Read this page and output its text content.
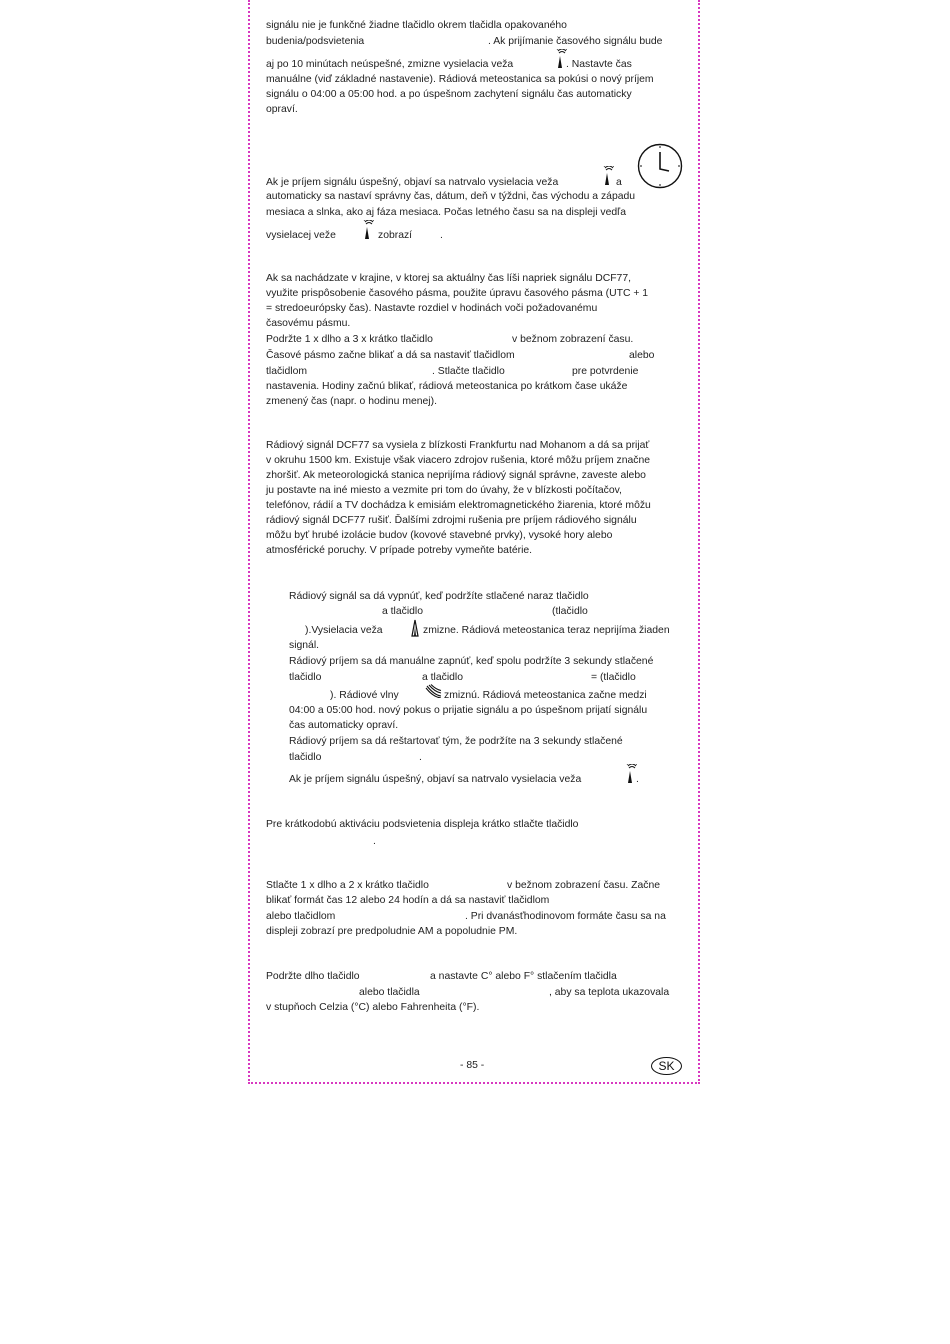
signálu nie je funkčné žiadne tlačidlo okrem tlačidla opakovaného
budenia/podsvietenia	. Ak prijímanie časového signálu bude
aj po 10 minútach neúspešné, zmizne vysielacia veža	. Nastavte čas
manuálne (viď základné nastavenie). Rádiová meteostanica sa pokúsi o nový príjem
signálu o 04:00 a 05:00 hod. a po úspešnom zachytení signálu čas automaticky
opraví.
Ak je príjem signálu úspešný, objaví sa natrvalo vysielacia veža	a
automaticky sa nastaví správny čas, dátum, deň v týždni, čas východu a západu
mesiaca a slnka, ako aj fáza mesiaca. Počas letného času sa na displeji vedľa
vysielacej veže	zobrazí	.
Ak sa nachádzate v krajine, v ktorej sa aktuálny čas líši napriek signálu DCF77,
využite prispôsobenie časového pásma, použite úpravu časového pásma (UTC + 1
= stredoeurópsky čas). Nastavte rozdiel v hodinách voči požadovanému
časovému pásmu.
Podržte 1 x dlho a 3 x krátko tlačidlo	v bežnom zobrazení času.
Časové pásmo začne blikať a dá sa nastaviť tlačidlom	alebo
tlačidlom	. Stlačte tlačidlo	pre potvrdenie
nastavenia. Hodiny začnú blikať, rádiová meteostanica po krátkom čase ukáže
zmenený čas (napr. o hodinu menej).
Rádiový signál DCF77 sa vysiela z blízkosti Frankfurtu nad Mohanom a dá sa prijať
v okruhu 1500 km. Existuje však viacero zdrojov rušenia, ktoré môžu príjem značne
zhoršiť. Ak meteorologická stanica neprijíma rádiový signál správne, zaveste alebo
ju postavte na iné miesto a vezmite pri tom do úvahy, že v blízkosti počítačov,
telefónov, rádií a TV dochádza k emisiám elektromagnetického žiarenia, ktoré môžu
rádiový signál DCF77 rušiť. Ďalšími zdrojmi rušenia pre príjem rádiového signálu
môžu byť hrubé izolácie budov (kovové stavebné prvky), vysoké hory alebo
atmosférické poruchy. V prípade potreby vymeňte batérie.
Rádiový signál sa dá vypnúť, keď podržíte stlačené naraz tlačidlo
a tlačidlo	(tlačidlo
).Vysielacia veža	zmizne. Rádiová meteostanica teraz neprijíma žiaden
signál.
Rádiový príjem sa dá manuálne zapnúť, keď spolu podržíte 3 sekundy stlačené
tlačidlo	a tlačidlo	= (tlačidlo
). Rádiové vlny	zmiznú. Rádiová meteostanica začne medzi
04:00 a 05:00 hod. nový pokus o prijatie signálu a po úspešnom prijatí signálu
čas automaticky opraví.
Rádiový príjem sa dá reštartovať tým, že podržíte na 3 sekundy stlačené
tlačidlo	.
Ak je príjem signálu úspešný, objaví sa natrvalo vysielacia veža	.
Pre krátkodobú aktiváciu podsvietenia displeja krátko stlačte tlačidlo
.
Stlačte 1 x dlho a 2 x krátko tlačidlo	v bežnom zobrazení času. Začne
blikať formát čas 12 alebo 24 hodín a dá sa nastaviť tlačidlom
alebo tlačidlom	. Pri dvanásťhodinovom formáte času sa na
displeji zobrazí pre predpoludnie AM a popoludnie PM.
Podržte dlho tlačidlo	a nastavte C° alebo F° stlačením tlačidla
alebo tlačidla	, aby sa teplota ukazovala
v stupňoch Celzia (°C) alebo Fahrenheita (°F).
- 85 -	SK
